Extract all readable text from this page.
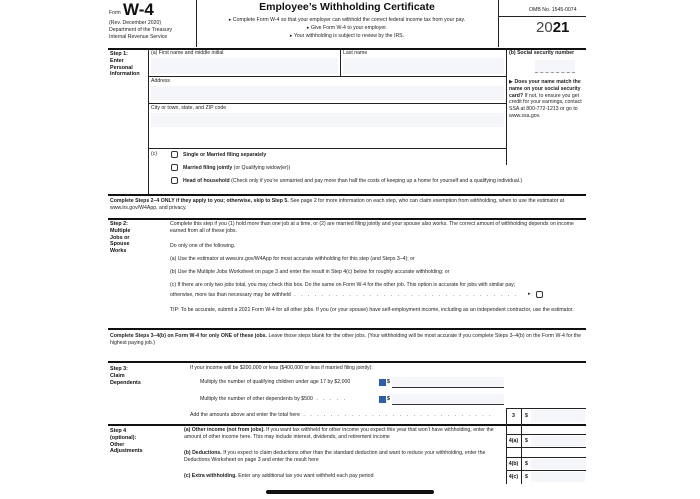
Form W-4
(Rev. December 2020)
Department of the Treasury
Internal Revenue Service
Employee’s Withholding Certificate
▸ Complete Form W-4 so that your employer can withhold the correct federal income tax from your pay.
▸ Give Form W-4 to your employer.
▸ Your withholding is subject to review by the IRS.
OMB No. 1545-0074
2021
Step 1:
Enter
Personal
Information
(a) First name and middle initial	Last name	(b) Social security number
Address
City or town, state, and ZIP code
▶ Does your name match the name on your social security card? If not, to ensure you get credit for your earnings, contact SSA at 800-772-1213 or go to www.ssa.gov.
(c)	Single or Married filing separately
Married filing jointly (or Qualifying widow(er))
Head of household (Check only if you’re unmarried and pay more than half the costs of keeping up a home for yourself and a qualifying individual.)
Complete Steps 2–4 ONLY if they apply to you; otherwise, skip to Step 5. See page 2 for more information on each step, who can claim exemption from withholding, when to use the estimator at www.irs.gov/W4App, and privacy.
Step 2:
Multiple
Jobs or
Spouse
Works
Complete this step if you (1) hold more than one job at a time, or (2) are married filing jointly and your spouse also works. The correct amount of withholding depends on income earned from all of these jobs.
Do only one of the following.
(a) Use the estimator at www.irs.gov/W4App for most accurate withholding for this step (and Steps 3–4); or
(b) Use the Multiple Jobs Worksheet on page 3 and enter the result in Step 4(c) below for roughly accurate withholding; or
(c) If there are only two jobs total, you may check this box. Do the same on Form W-4 for the other job. This option is accurate for jobs with similar pay;
otherwise, more tax than necessary may be withheld . . . . . . . . . . . . . . . . . . . . . . . . . . . . . . . . . ▸
TIP: To be accurate, submit a 2021 Form W-4 for all other jobs. If you (or your spouse) have self-employment income, including as an independent contractor, use the estimator.
Complete Steps 3–4(b) on Form W-4 for only ONE of these jobs. Leave those steps blank for the other jobs. (Your withholding will be most accurate if you complete Steps 3–4(b) on the Form W-4 for the highest paying job.)
Step 3:
Claim
Dependents
If your income will be $200,000 or less ($400,000 or less if married filing jointly):
Multiply the number of qualifying children under age 17 by $2,000	$
Multiply the number of other dependents by $500 . . . . .	$
Add the amounts above and enter the total here . . . . . . . . . . . . . . . . . . . . . . . . . . . .	3	$
Step 4
(optional):
Other
Adjustments
(a) Other income (not from jobs). If you want tax withheld for other income you expect this year that won’t have withholding, enter the amount of other income here. This may include interest, dividends, and retirement income
4(a)	$
(b) Deductions. If you expect to claim deductions other than the standard deduction and want to reduce your withholding, enter the Deductions Worksheet on page 3 and enter the result here
4(b)	$
(c) Extra withholding. Enter any additional tax you want withheld each pay period	4(c)	$
